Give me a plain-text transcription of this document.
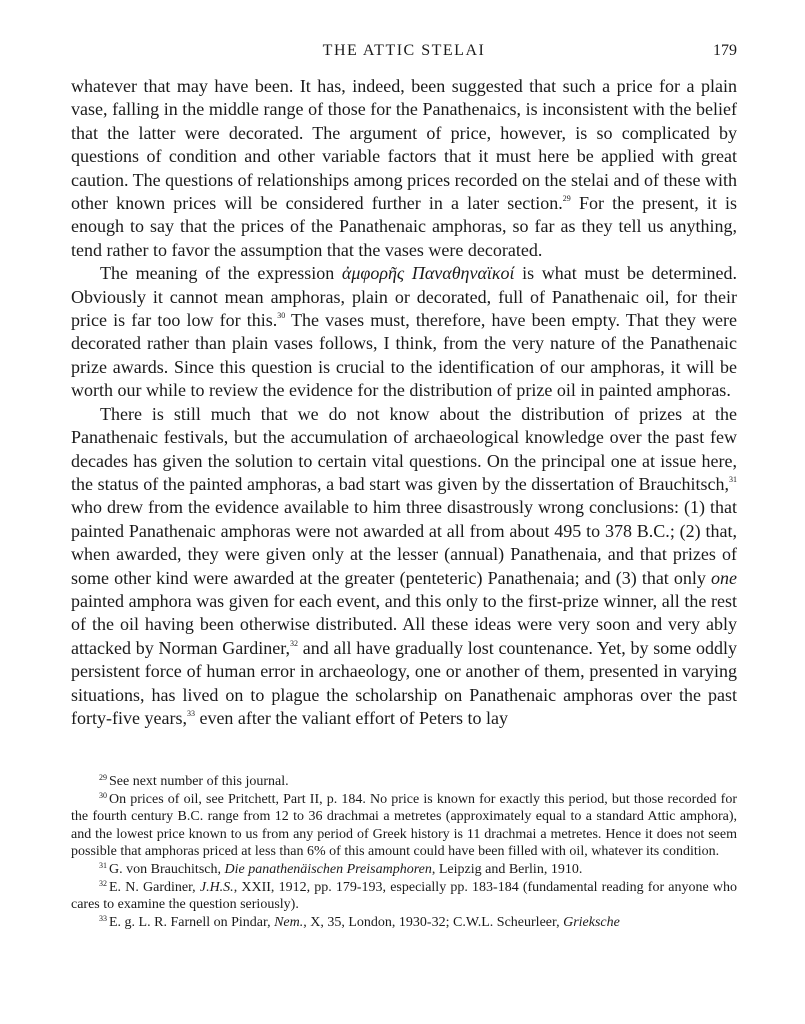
THE ATTIC STELAI	179

whatever that may have been. It has, indeed, been suggested that such a price for a plain vase, falling in the middle range of those for the Panathenaics, is inconsistent with the belief that the latter were decorated. The argument of price, however, is so complicated by questions of condition and other variable factors that it must here be applied with great caution. The questions of relationships among prices recorded on the stelai and of these with other known prices will be considered further in a later section.$^{29}$ For the present, it is enough to say that the prices of the Panathenaic amphoras, so far as they tell us anything, tend rather to favor the assumption that the vases were decorated.

The meaning of the expression ἀμφορῆς Παναθηναϊκοί is what must be determined. Obviously it cannot mean amphoras, plain or decorated, full of Panathenaic oil, for their price is far too low for this.$^{30}$ The vases must, therefore, have been empty. That they were decorated rather than plain vases follows, I think, from the very nature of the Panathenaic prize awards. Since this question is crucial to the identification of our amphoras, it will be worth our while to review the evidence for the distribution of prize oil in painted amphoras.

There is still much that we do not know about the distribution of prizes at the Panathenaic festivals, but the accumulation of archaeological knowledge over the past few decades has given the solution to certain vital questions. On the principal one at issue here, the status of the painted amphoras, a bad start was given by the dissertation of Brauchitsch,$^{31}$ who drew from the evidence available to him three disastrously wrong conclusions: (1) that painted Panathenaic amphoras were not awarded at all from about 495 to 378 B.C.; (2) that, when awarded, they were given only at the lesser (annual) Panathenaia, and that prizes of some other kind were awarded at the greater (penteteric) Panathenaia; and (3) that only one painted amphora was given for each event, and this only to the first-prize winner, all the rest of the oil having been otherwise distributed. All these ideas were very soon and very ably attacked by Norman Gardiner,$^{32}$ and all have gradually lost countenance. Yet, by some oddly persistent force of human error in archaeology, one or another of them, presented in varying situations, has lived on to plague the scholarship on Panathenaic amphoras over the past forty-five years,$^{33}$ even after the valiant effort of Peters to lay

$^{29}$ See next number of this journal.

$^{30}$ On prices of oil, see Pritchett, Part II, p. 184. No price is known for exactly this period, but those recorded for the fourth century B.C. range from 12 to 36 drachmai a metretes (approximately equal to a standard Attic amphora), and the lowest price known to us from any period of Greek history is 11 drachmai a metretes. Hence it does not seem possible that amphoras priced at less than 6% of this amount could have been filled with oil, whatever its condition.

$^{31}$ G. von Brauchitsch, Die panathenäischen Preisamphoren, Leipzig and Berlin, 1910.

$^{32}$ E. N. Gardiner, J.H.S., XXII, 1912, pp. 179-193, especially pp. 183-184 (fundamental reading for anyone who cares to examine the question seriously).

$^{33}$ E. g. L. R. Farnell on Pindar, Nem., X, 35, London, 1930-32; C.W.L. Scheurleer, Griekschе
